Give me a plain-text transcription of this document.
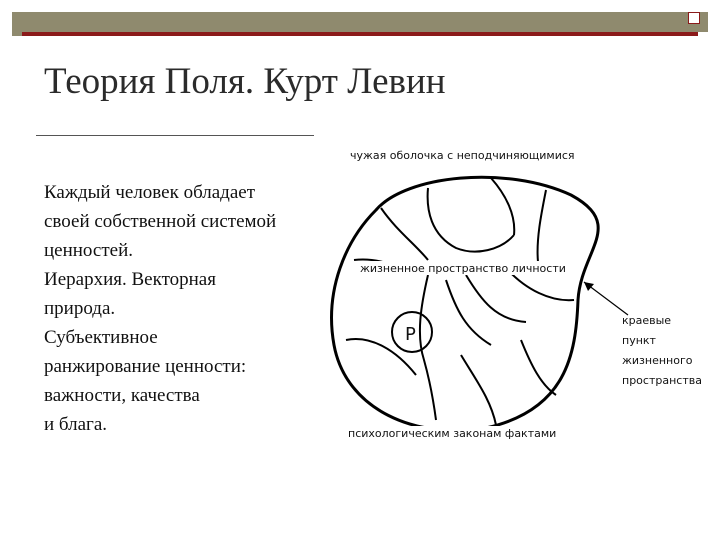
Теория Поля. Курт Левин
Каждый человек обладает
своей собственной системой
ценностей.
Иерархия. Векторная
природа.
Субъективное
ранжирование ценности:
важности, качества
и блага.
P
чужая оболочка с неподчиняющимися
жизненное пространство личности
психологическим законам фактами
краевые пункт жизненного пространства
